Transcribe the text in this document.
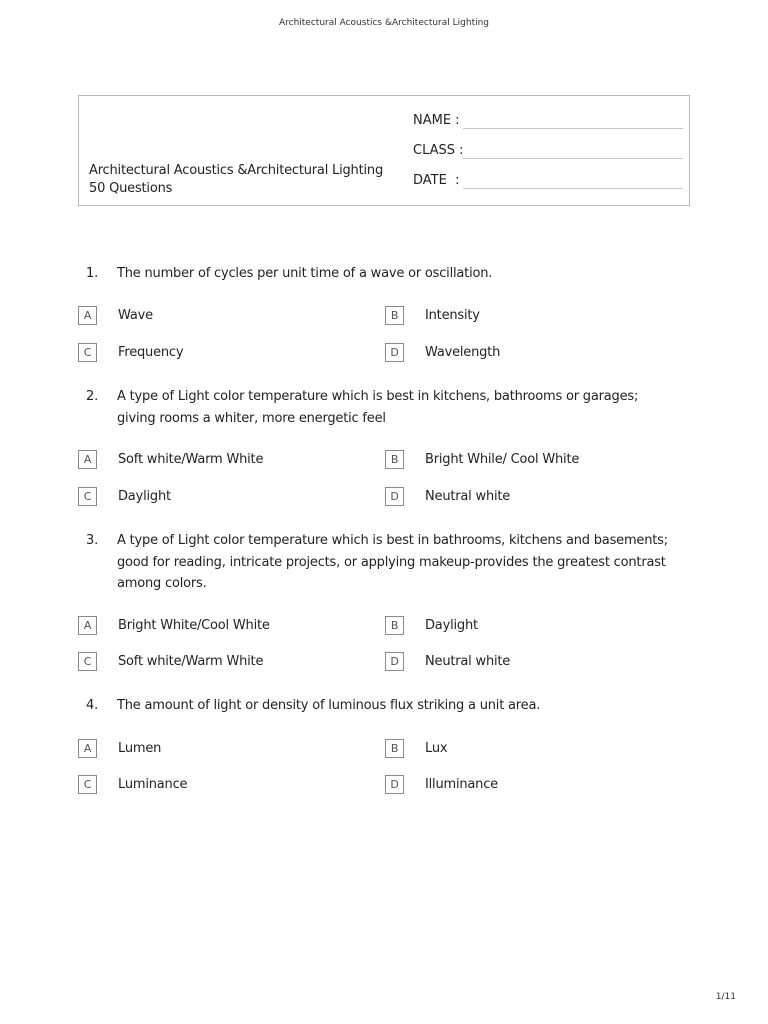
Architectural Acoustics &Architectural Lighting
Architectural Acoustics &Architectural Lighting
50 Questions
NAME :
CLASS :
DATE  :
1. The number of cycles per unit time of a wave or oscillation.
A	Wave	B	Intensity
C	Frequency	D	Wavelength
2. A type of Light color temperature which is best in kitchens, bathrooms or garages; giving rooms a whiter, more energetic feel
A	Soft white/Warm White	B	Bright While/ Cool White
C	Daylight	D	Neutral white
3. A type of Light color temperature which is best in bathrooms, kitchens and basements; good for reading, intricate projects, or applying makeup-provides the greatest contrast among colors.
A	Bright White/Cool White	B	Daylight
C	Soft white/Warm White	D	Neutral white
4. The amount of light or density of luminous flux striking a unit area.
A	Lumen	B	Lux
C	Luminance	D	Illuminance
1/11
